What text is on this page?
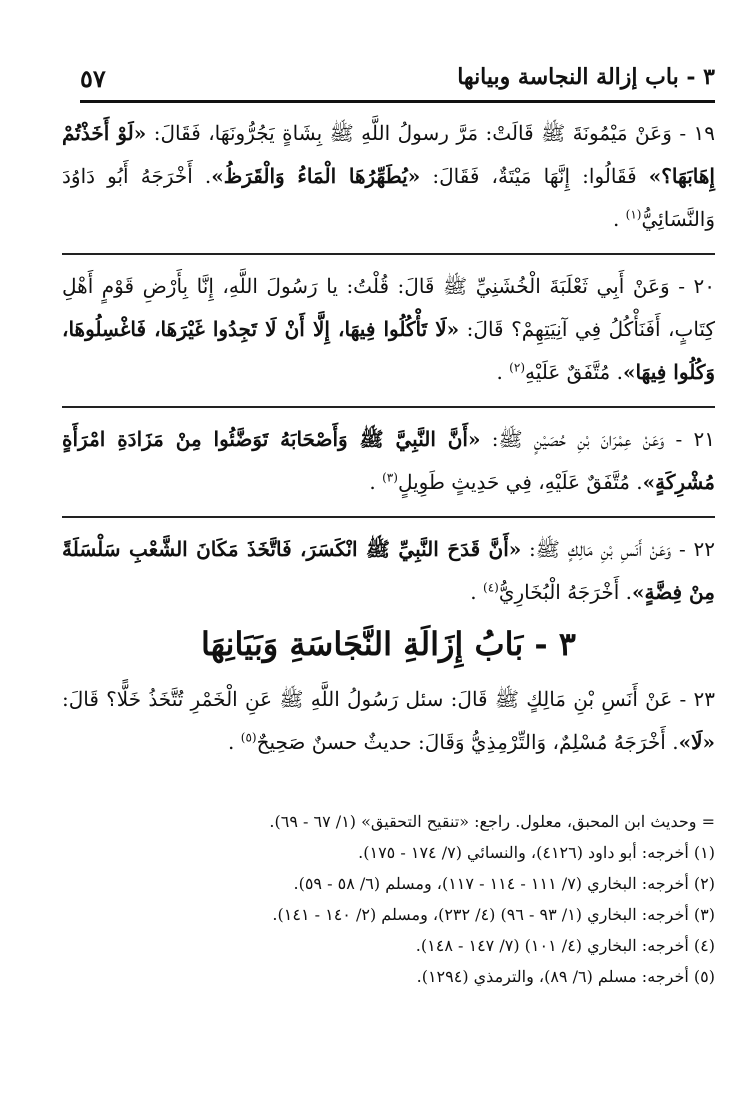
٣ - باب إزالة النجاسة وبيانها
٥٧

١٩ - وَعَنْ مَيْمُونَةَ ﷺ قَالَتْ: مَرَّ رسولُ اللَّهِ ﷺ بِشَاةٍ يَجُرُّونَهَا، فَقَالَ: «لَوْ أَخَذْتُمْ إِهَابَهَا؟» فَقَالُوا: إِنَّهَا مَيْتَةٌ، فَقَالَ: «يُطَهِّرُهَا الْمَاءُ وَالْقَرَظُ». أَخْرَجَهُ أَبُو دَاوُدَ وَالنَّسَائِيُّ$^{(١)}$ .

٢٠ - وَعَنْ أَبِي ثَعْلَبَةَ الْخُشَنِيِّ ﷺ قَالَ: قُلْتُ: يا رَسُولَ اللَّهِ، إِنَّا بِأَرْضِ قَوْمٍ أَهْلِ كِتَابٍ، أَفَنَأْكُلُ فِي آنِيَتِهِمْ؟ قَالَ: «لَا تَأْكُلُوا فِيهَا، إِلَّا أَنْ لَا تَجِدُوا غَيْرَهَا، فَاغْسِلُوهَا، وَكُلُوا فِيهَا». مُتَّفَقٌ عَلَيْهِ$^{(٢)}$ .

٢١ - وَعَنْ عِمْرَانَ بْنِ حُصَيْنٍ ﷺ: «أَنَّ النَّبِيَّ ﷺ وَأَصْحَابَهُ تَوَضَّئُوا مِنْ مَزَادَةِ امْرَأَةٍ مُشْرِكَةٍ». مُتَّفَقٌ عَلَيْهِ، فِي حَدِيثٍ طَوِيلٍ$^{(٣)}$ .

٢٢ - وَعَنْ أَنَسِ بْنِ مَالِكٍ ﷺ: «أَنَّ قَدَحَ النَّبِيِّ ﷺ انْكَسَرَ، فَاتَّخَذَ مَكَانَ الشَّعْبِ سَلْسَلَةً مِنْ فِضَّةٍ». أَخْرَجَهُ الْبُخَارِيُّ$^{(٤)}$ .

٣ - بَابُ إِزَالَةِ النَّجَاسَةِ وَبَيَانِهَا

٢٣ - عَنْ أَنَسِ بْنِ مَالِكٍ ﷺ قَالَ: سئل رَسُولُ اللَّهِ ﷺ عَنِ الْخَمْرِ تُتَّخَذُ خَلًّا؟ قَالَ: «لَا». أَخْرَجَهُ مُسْلِمٌ، وَالتِّرْمِذِيُّ وَقَالَ: حديثٌ حسنٌ صَحِيحٌ$^{(٥)}$ .

= وحديث ابن المحبق، معلول. راجع: «تنقيح التحقيق» (١/ ٦٧ - ٦٩).
(١) أخرجه: أبو داود (٤١٢٦)، والنسائي (٧/ ١٧٤ - ١٧٥).
(٢) أخرجه: البخاري (٧/ ١١١ - ١١٤ - ١١٧)، ومسلم (٦/ ٥٨ - ٥٩).
(٣) أخرجه: البخاري (١/ ٩٣ - ٩٦) (٤/ ٢٣٢)، ومسلم (٢/ ١٤٠ - ١٤١).
(٤) أخرجه: البخاري (٤/ ١٠١) (٧/ ١٤٧ - ١٤٨).
(٥) أخرجه: مسلم (٦/ ٨٩)، والترمذي (١٢٩٤).
